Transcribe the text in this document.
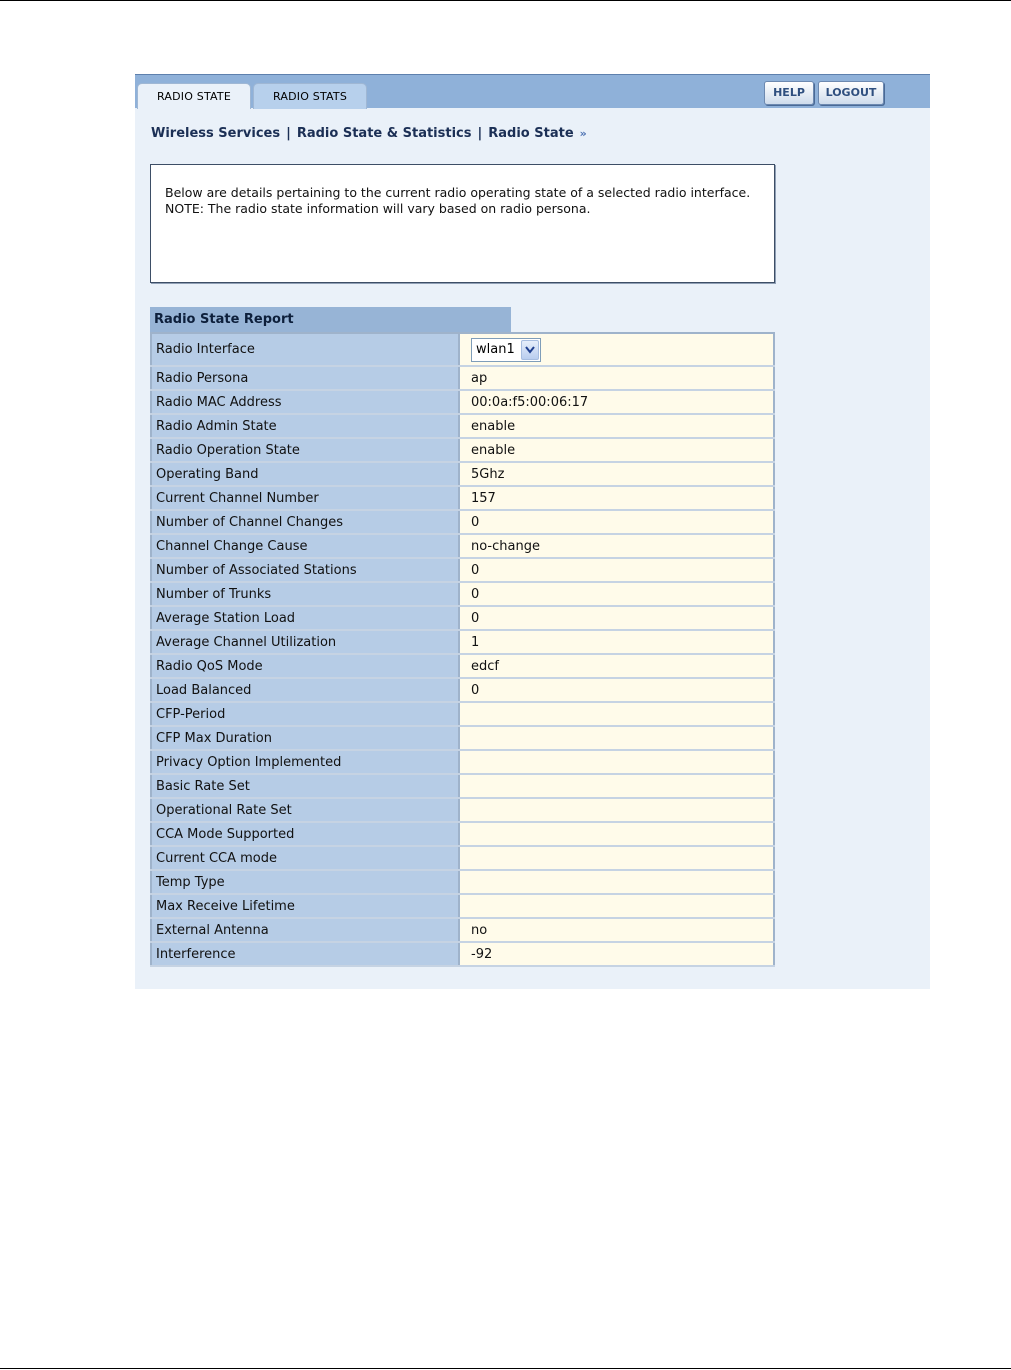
RADIO STATE	RADIO STATS	HELP	LOGOUT
Wireless Services | Radio State & Statistics | Radio State »
Below are details pertaining to the current radio operating state of a selected radio interface. NOTE: The radio state information will vary based on radio persona.
Radio State Report
Radio Interface	wlan1

Radio Persona	ap
Radio MAC Address	00:0a:f5:00:06:17
Radio Admin State	enable
Radio Operation State	enable
Operating Band	5Ghz
Current Channel Number	157
Number of Channel Changes	0
Channel Change Cause	no-change
Number of Associated Stations	0
Number of Trunks	0
Average Station Load	0
Average Channel Utilization	1
Radio QoS Mode	edcf
Load Balanced	0
CFP-Period	
CFP Max Duration	
Privacy Option Implemented	
Basic Rate Set	
Operational Rate Set	
CCA Mode Supported	
Current CCA mode	
Temp Type	
Max Receive Lifetime	
External Antenna	no
Interference	-92
